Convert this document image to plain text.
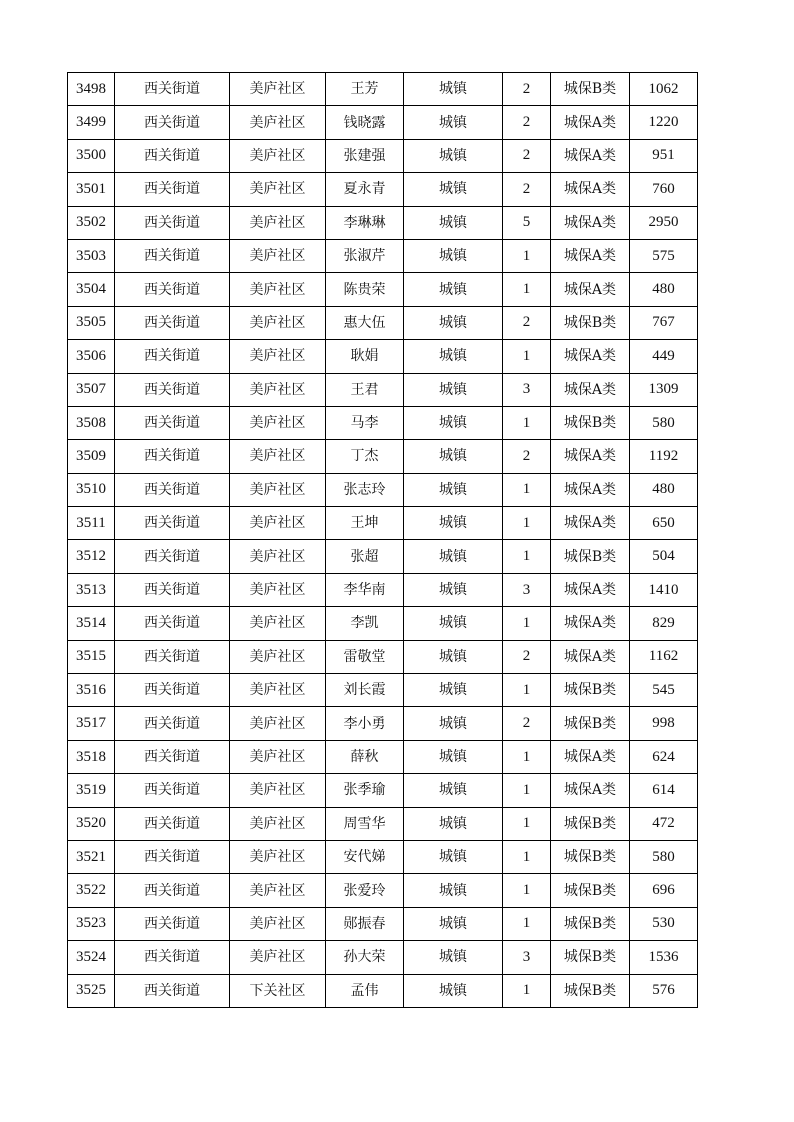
3498	西关街道	美庐社区	王芳	城镇	2	城保B类	1062
3499	西关街道	美庐社区	钱晓露	城镇	2	城保A类	1220
3500	西关街道	美庐社区	张建强	城镇	2	城保A类	951
3501	西关街道	美庐社区	夏永青	城镇	2	城保A类	760
3502	西关街道	美庐社区	李琳琳	城镇	5	城保A类	2950
3503	西关街道	美庐社区	张淑芹	城镇	1	城保A类	575
3504	西关街道	美庐社区	陈贵荣	城镇	1	城保A类	480
3505	西关街道	美庐社区	惠大伍	城镇	2	城保B类	767
3506	西关街道	美庐社区	耿娟	城镇	1	城保A类	449
3507	西关街道	美庐社区	王君	城镇	3	城保A类	1309
3508	西关街道	美庐社区	马李	城镇	1	城保B类	580
3509	西关街道	美庐社区	丁杰	城镇	2	城保A类	1192
3510	西关街道	美庐社区	张志玲	城镇	1	城保A类	480
3511	西关街道	美庐社区	王坤	城镇	1	城保A类	650
3512	西关街道	美庐社区	张超	城镇	1	城保B类	504
3513	西关街道	美庐社区	李华南	城镇	3	城保A类	1410
3514	西关街道	美庐社区	李凯	城镇	1	城保A类	829
3515	西关街道	美庐社区	雷敬堂	城镇	2	城保A类	1162
3516	西关街道	美庐社区	刘长霞	城镇	1	城保B类	545
3517	西关街道	美庐社区	李小勇	城镇	2	城保B类	998
3518	西关街道	美庐社区	薛秋	城镇	1	城保A类	624
3519	西关街道	美庐社区	张季瑜	城镇	1	城保A类	614
3520	西关街道	美庐社区	周雪华	城镇	1	城保B类	472
3521	西关街道	美庐社区	安代娣	城镇	1	城保B类	580
3522	西关街道	美庐社区	张爱玲	城镇	1	城保B类	696
3523	西关街道	美庐社区	郧振春	城镇	1	城保B类	530
3524	西关街道	美庐社区	孙大荣	城镇	3	城保B类	1536
3525	西关街道	下关社区	孟伟	城镇	1	城保B类	576
